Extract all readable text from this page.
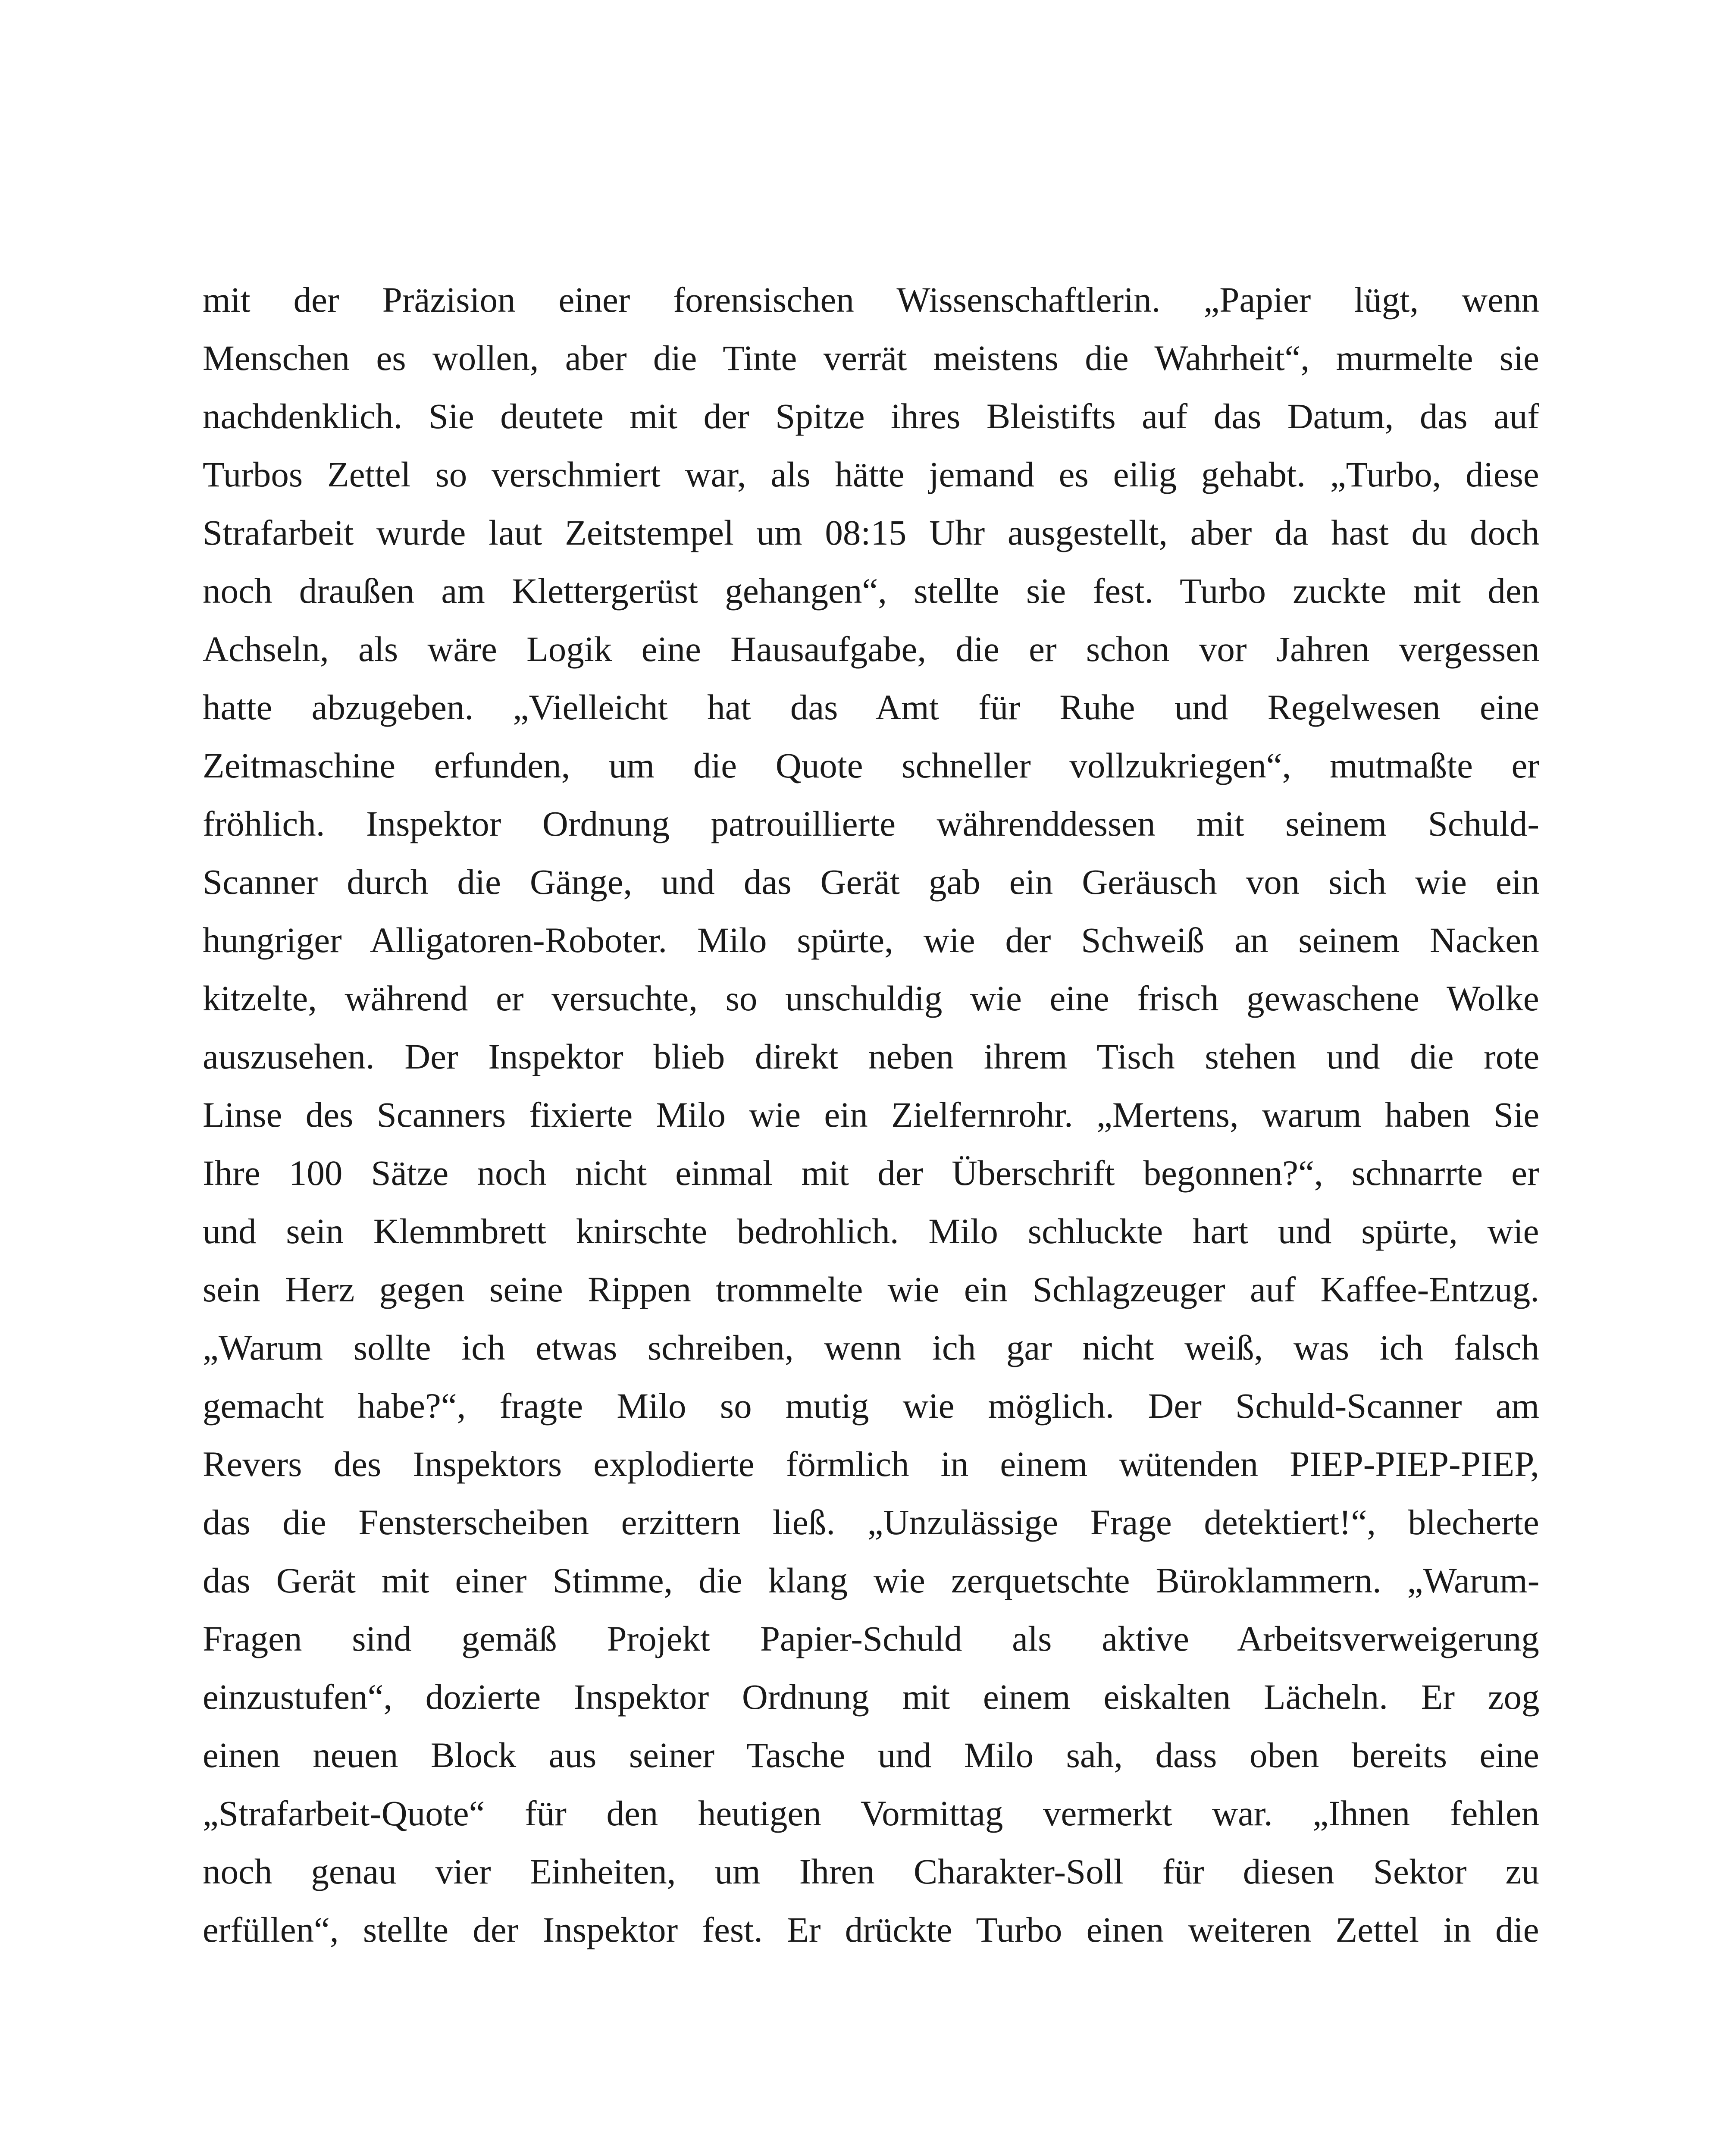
mit der Präzision einer forensischen Wissenschaftlerin. „Papier lügt, wenn
Menschen es wollen, aber die Tinte verrät meistens die Wahrheit“, murmelte sie
nachdenklich. Sie deutete mit der Spitze ihres Bleistifts auf das Datum, das auf
Turbos Zettel so verschmiert war, als hätte jemand es eilig gehabt. „Turbo, diese
Strafarbeit wurde laut Zeitstempel um 08:15 Uhr ausgestellt, aber da hast du doch
noch draußen am Klettergerüst gehangen“, stellte sie fest. Turbo zuckte mit den
Achseln, als wäre Logik eine Hausaufgabe, die er schon vor Jahren vergessen
hatte abzugeben. „Vielleicht hat das Amt für Ruhe und Regelwesen eine
Zeitmaschine erfunden, um die Quote schneller vollzukriegen“, mutmaßte er
fröhlich. Inspektor Ordnung patrouillierte währenddessen mit seinem Schuld-
Scanner durch die Gänge, und das Gerät gab ein Geräusch von sich wie ein
hungriger Alligatoren-Roboter. Milo spürte, wie der Schweiß an seinem Nacken
kitzelte, während er versuchte, so unschuldig wie eine frisch gewaschene Wolke
auszusehen. Der Inspektor blieb direkt neben ihrem Tisch stehen und die rote
Linse des Scanners fixierte Milo wie ein Zielfernrohr. „Mertens, warum haben Sie
Ihre 100 Sätze noch nicht einmal mit der Überschrift begonnen?“, schnarrte er
und sein Klemmbrett knirschte bedrohlich. Milo schluckte hart und spürte, wie
sein Herz gegen seine Rippen trommelte wie ein Schlagzeuger auf Kaffee-Entzug.
„Warum sollte ich etwas schreiben, wenn ich gar nicht weiß, was ich falsch
gemacht habe?“, fragte Milo so mutig wie möglich. Der Schuld-Scanner am
Revers des Inspektors explodierte förmlich in einem wütenden PIEP-PIEP-PIEP,
das die Fensterscheiben erzittern ließ. „Unzulässige Frage detektiert!“, blecherte
das Gerät mit einer Stimme, die klang wie zerquetschte Büroklammern. „Warum-
Fragen sind gemäß Projekt Papier-Schuld als aktive Arbeitsverweigerung
einzustufen“, dozierte Inspektor Ordnung mit einem eiskalten Lächeln. Er zog
einen neuen Block aus seiner Tasche und Milo sah, dass oben bereits eine
„Strafarbeit-Quote“ für den heutigen Vormittag vermerkt war. „Ihnen fehlen
noch genau vier Einheiten, um Ihren Charakter-Soll für diesen Sektor zu
erfüllen“, stellte der Inspektor fest. Er drückte Turbo einen weiteren Zettel in die
